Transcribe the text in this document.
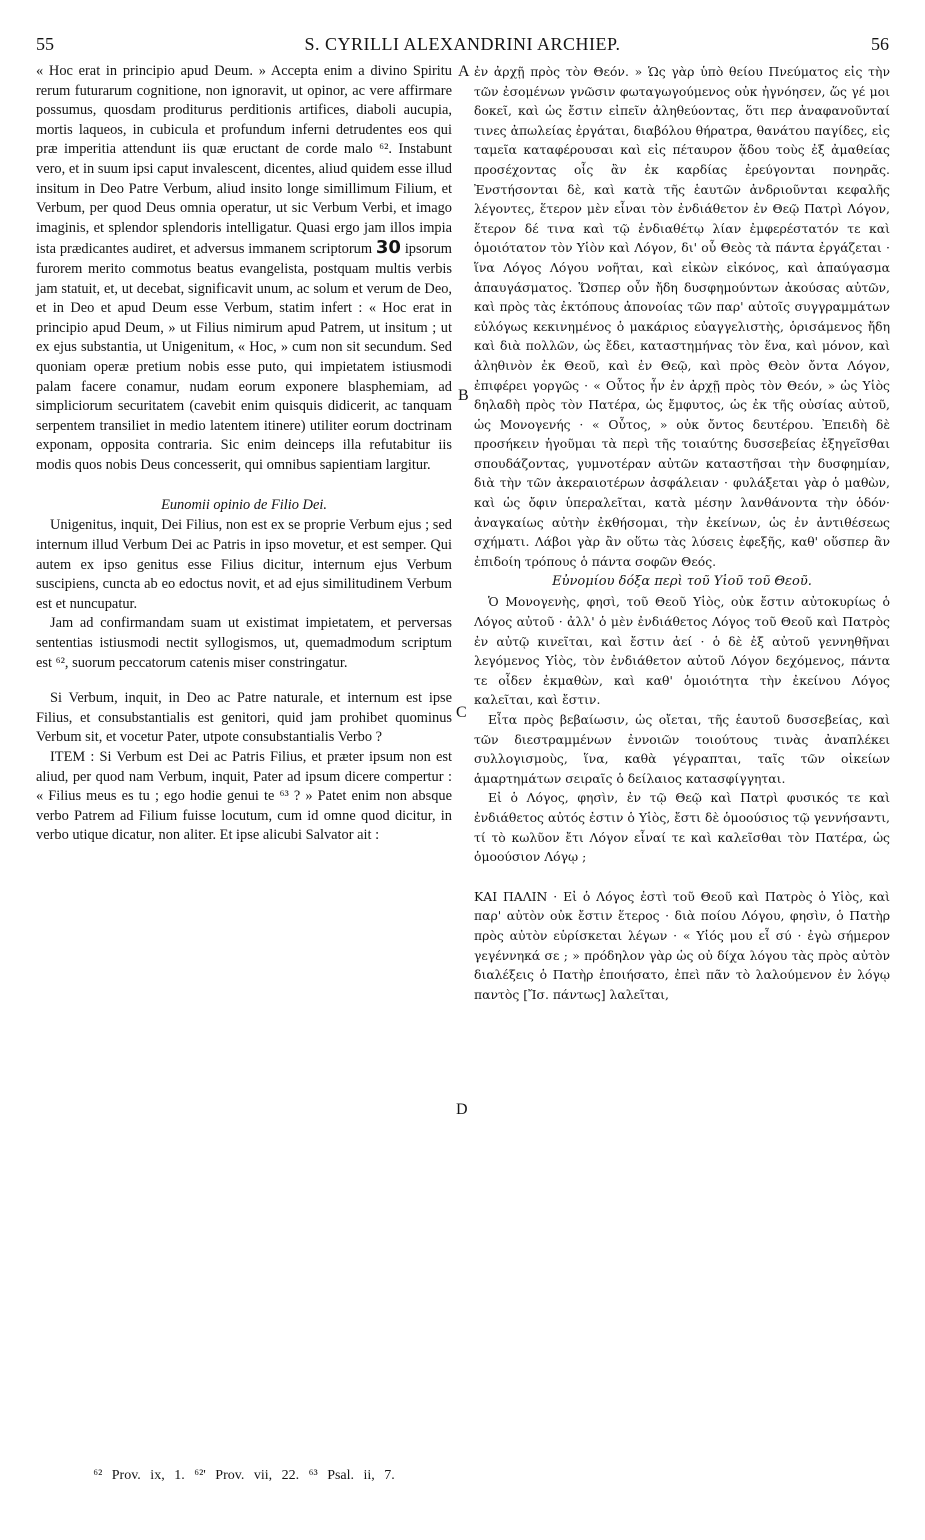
55	S. CYRILLI ALEXANDRINI ARCHIEP.	56
A
B
C
D

« Hoc erat in principio apud Deum. » Accepta enim a divino Spiritu rerum futurarum cognitione, non ignoravit, ut opinor, ac vere affirmare possumus, quosdam proditurus perditionis artifices, diaboli aucupia, mortis laqueos, in cubicula et profundum inferni detrudentes eos qui præ imperitia attendunt iis quæ eructant de corde malo ⁶². Instabunt vero, et in suum ipsi caput invalescent, dicentes, aliud quidem esse illud insitum in Deo Patre Verbum, aliud insito longe simillimum Filium, et Verbum, per quod Deus omnia operatur, ut sic Verbum Verbi, et imago imaginis, et splendor splendoris intelligatur. Quasi ergo jam illos impia ista prædicantes audiret, et adversus immanem scriptorum 30 ipsorum furorem merito commotus beatus evangelista, postquam multis verbis jam statuit, et, ut decebat, significavit unum, ac solum et verum de Deo, et in Deo et apud Deum esse Verbum, statim infert : « Hoc erat in principio apud Deum, » ut Filius nimirum apud Patrem, ut insitum ; ut ex ejus substantia, ut Unigenitum, « Hoc, » cum non sit secundum. Sed quoniam operæ pretium nobis esse puto, qui impietatem istiusmodi palam facere conamur, nudam eorum exponere blasphemiam, ad simpliciorum securitatem (cavebit enim quisquis didicerit, ac tanquam serpentem transiliet in medio latentem itinere) utiliter eorum doctrinam exponam, opposita contraria. Sic enim deinceps illa refutabitur iis modis quos nobis Deus concesserit, qui omnibus sapientiam largitur.

Eunomii opinio de Filio Dei.

Unigenitus, inquit, Dei Filius, non est ex se proprie Verbum ejus ; sed internum illud Verbum Dei ac Patris in ipso movetur, et est semper. Qui autem ex ipso genitus esse Filius dicitur, internum ejus Verbum suscipiens, cuncta ab eo edoctus novit, et ad ejus similitudinem Verbum est et nuncupatur.

Jam ad confirmandam suam ut existimat impietatem, et perversas sententias istiusmodi nectit syllogismos, ut, quemadmodum scriptum est ⁶², suorum peccatorum catenis miser constringatur.

Si Verbum, inquit, in Deo ac Patre naturale, et internum est ipse Filius, et consubstantialis est genitori, quid jam prohibet quominus Verbum sit, et vocetur Pater, utpote consubstantialis Verbo ?

ITEM : Si Verbum est Dei ac Patris Filius, et præter ipsum non est aliud, per quod nam Verbum, inquit, Pater ad ipsum dicere compertur : « Filius meus es tu ; ego hodie genui te ⁶³ ? » Patet enim non absque verbo Patrem ad Filium fuisse locutum, cum id omne quod dicitur, in verbo utique dicatur, non aliter. Et ipse alicubi Salvator ait :

ἐν ἀρχῇ πρὸς τὸν Θεόν. » Ὡς γὰρ ὑπὸ θείου Πνεύματος εἰς τὴν τῶν ἐσομένων γνῶσιν φωταγωγούμενος οὐκ ἠγνόησεν, ὥς γέ μοι δοκεῖ, καὶ ὡς ἔστιν εἰπεῖν ἀληθεύοντας, ὅτι περ ἀναφανοῦνταί τινες ἀπωλείας ἐργάται, διαβόλου θήρατρα, θανάτου παγίδες, εἰς ταμεῖα καταφέρουσαι καὶ εἰς πέταυρον ᾅδου τοὺς ἐξ ἀμαθείας προσέχοντας οἷς ἂν ἐκ καρδίας ἐρεύγονται πονηρᾶς. Ἐνστήσονται δὲ, καὶ κατὰ τῆς ἑαυτῶν ἀνδριοῦνται κεφαλῆς λέγοντες, ἕτερον μὲν εἶναι τὸν ἐνδιάθετον ἐν Θεῷ Πατρὶ Λόγον, ἕτερον δέ τινα καὶ τῷ ἐνδιαθέτῳ λίαν ἐμφερέστατόν τε καὶ ὁμοιότατον τὸν Υἱὸν καὶ Λόγον, δι' οὗ Θεὸς τὰ πάντα ἐργάζεται · ἵνα Λόγος Λόγου νοῆται, καὶ εἰκὼν εἰκόνος, καὶ ἀπαύγασμα ἀπαυγάσματος. Ὥσπερ οὖν ἤδη δυσφημούντων ἀκούσας αὐτῶν, καὶ πρὸς τὰς ἐκτόπους ἀπονοίας τῶν παρ' αὐτοῖς συγγραμμάτων εὐλόγως κεκινημένος ὁ μακάριος εὐαγγελιστὴς, ὁρισάμενος ἤδη καὶ διὰ πολλῶν, ὡς ἔδει, καταστημήνας τὸν ἕνα, καὶ μόνον, καὶ ἀληθινὸν ἐκ Θεοῦ, καὶ ἐν Θεῷ, καὶ πρὸς Θεὸν ὄντα Λόγον, ἐπιφέρει γοργῶς · « Οὗτος ἦν ἐν ἀρχῇ πρὸς τὸν Θεόν, » ὡς Υἱὸς δηλαδὴ πρὸς τὸν Πατέρα, ὡς ἔμφυτος, ὡς ἐκ τῆς οὐσίας αὐτοῦ, ὡς Μονογενής · « Οὗτος, » οὐκ ὄντος δευτέρου. Ἐπειδὴ δὲ προσήκειν ἡγοῦμαι τὰ περὶ τῆς τοιαύτης δυσσεβείας ἐξηγεῖσθαι σπουδάζοντας, γυμνοτέραν αὐτῶν καταστῆσαι τὴν δυσφημίαν, διὰ τὴν τῶν ἀκεραιοτέρων ἀσφάλειαν · φυλάξεται γὰρ ὁ μαθὼν, καὶ ὡς ὄφιν ὑπεραλεῖται, κατὰ μέσην λανθάνοντα τὴν ὁδόν· ἀναγκαίως αὐτὴν ἐκθήσομαι, τὴν ἐκείνων, ὡς ἐν ἀντιθέσεως σχήματι. Λάβοι γὰρ ἂν οὕτω τὰς λύσεις ἐφεξῆς, καθ' οὕσπερ ἂν ἐπιδοίη τρόπους ὁ πάντα σοφῶν Θεός.

Εὐνομίου δόξα περὶ τοῦ Υἱοῦ τοῦ Θεοῦ.

Ὁ Μονογενὴς, φησὶ, τοῦ Θεοῦ Υἱὸς, οὐκ ἔστιν αὐτοκυρίως ὁ Λόγος αὐτοῦ · ἀλλ' ὁ μὲν ἐνδιάθετος Λόγος τοῦ Θεοῦ καὶ Πατρὸς ἐν αὐτῷ κινεῖται, καὶ ἔστιν ἀεί · ὁ δὲ ἐξ αὐτοῦ γεννηθῆναι λεγόμενος Υἱὸς, τὸν ἐνδιάθετον αὐτοῦ Λόγον δεχόμενος, πάντα τε οἶδεν ἐκμαθὼν, καὶ καθ' ὁμοιότητα τὴν ἐκείνου Λόγος καλεῖται, καὶ ἔστιν.

Εἶτα πρὸς βεβαίωσιν, ὡς οἴεται, τῆς ἑαυτοῦ δυσσεβείας, καὶ τῶν διεστραμμένων ἐννοιῶν τοιούτους τινὰς ἀναπλέκει συλλογισμοὺς, ἵνα, καθὰ γέγραπται, ταῖς τῶν οἰκείων ἁμαρτημάτων σειραῖς ὁ δείλαιος κατασφίγγηται.

Εἰ ὁ Λόγος, φησὶν, ἐν τῷ Θεῷ καὶ Πατρὶ φυσικός τε καὶ ἐνδιάθετος αὐτός ἐστιν ὁ Υἱὸς, ἔστι δὲ ὁμοούσιος τῷ γεννήσαντι, τί τὸ κωλῦον ἔτι Λόγον εἶναί τε καὶ καλεῖσθαι τὸν Πατέρα, ὡς ὁμοούσιον Λόγῳ ;

ΚΑΙ ΠΑΛΙΝ · Εἰ ὁ Λόγος ἐστὶ τοῦ Θεοῦ καὶ Πατρὸς ὁ Υἱὸς, καὶ παρ' αὐτὸν οὐκ ἔστιν ἕτερος · διὰ ποίου Λόγου, φησὶν, ὁ Πατὴρ πρὸς αὐτὸν εὑρίσκεται λέγων · « Υἱός μου εἶ σύ · ἐγὼ σήμερον γεγέννηκά σε ; » πρόδηλον γὰρ ὡς οὐ δίχα λόγου τὰς πρὸς αὐτὸν διαλέξεις ὁ Πατὴρ ἐποιήσατο, ἐπεὶ πᾶν τὸ λαλούμενον ἐν λόγῳ παντὸς [Ἴσ. πάντως] λαλεῖται,

⁶² Prov. ix, 1. ⁶²' Prov. vii, 22. ⁶³ Psal. ii, 7.
